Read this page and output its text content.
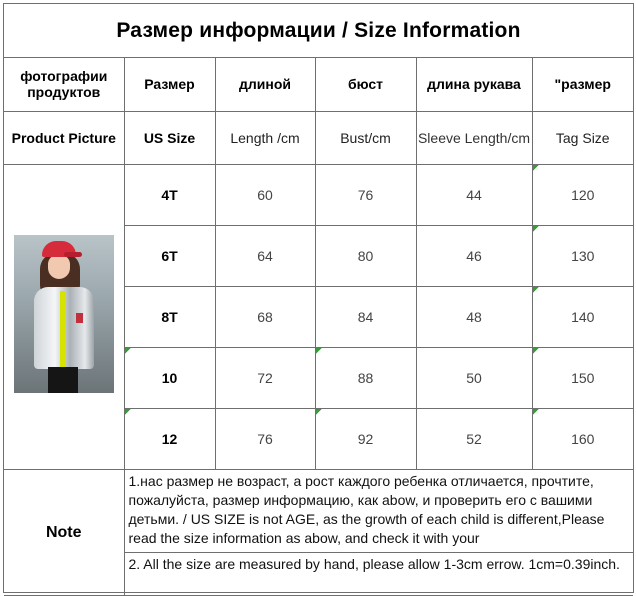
Размер информации / Size Information
фотографии продуктов	Размер	длиной	бюст	длина рукава	"размер
Product Picture	US Size	Length /cm	Bust/cm	Sleeve Length/cm	Tag Size

	4T	60	76	44	120
	6T	64	80	46	130
	8T	68	84	48	140
	10	72	88	50	150
	12	76	92	52	160
Note	1.нас размер не возраст, а рост каждого ребенка отличается, прочтите, пожалуйста, размер информацию, как abow, и проверить его с вашими детьми. / US SIZE is not AGE, as the growth of each child is different,Please read the size information as abow, and check it with your				
	2. All the size are measured by hand, please allow 1-3cm errow. 1cm=0.39inch.				
